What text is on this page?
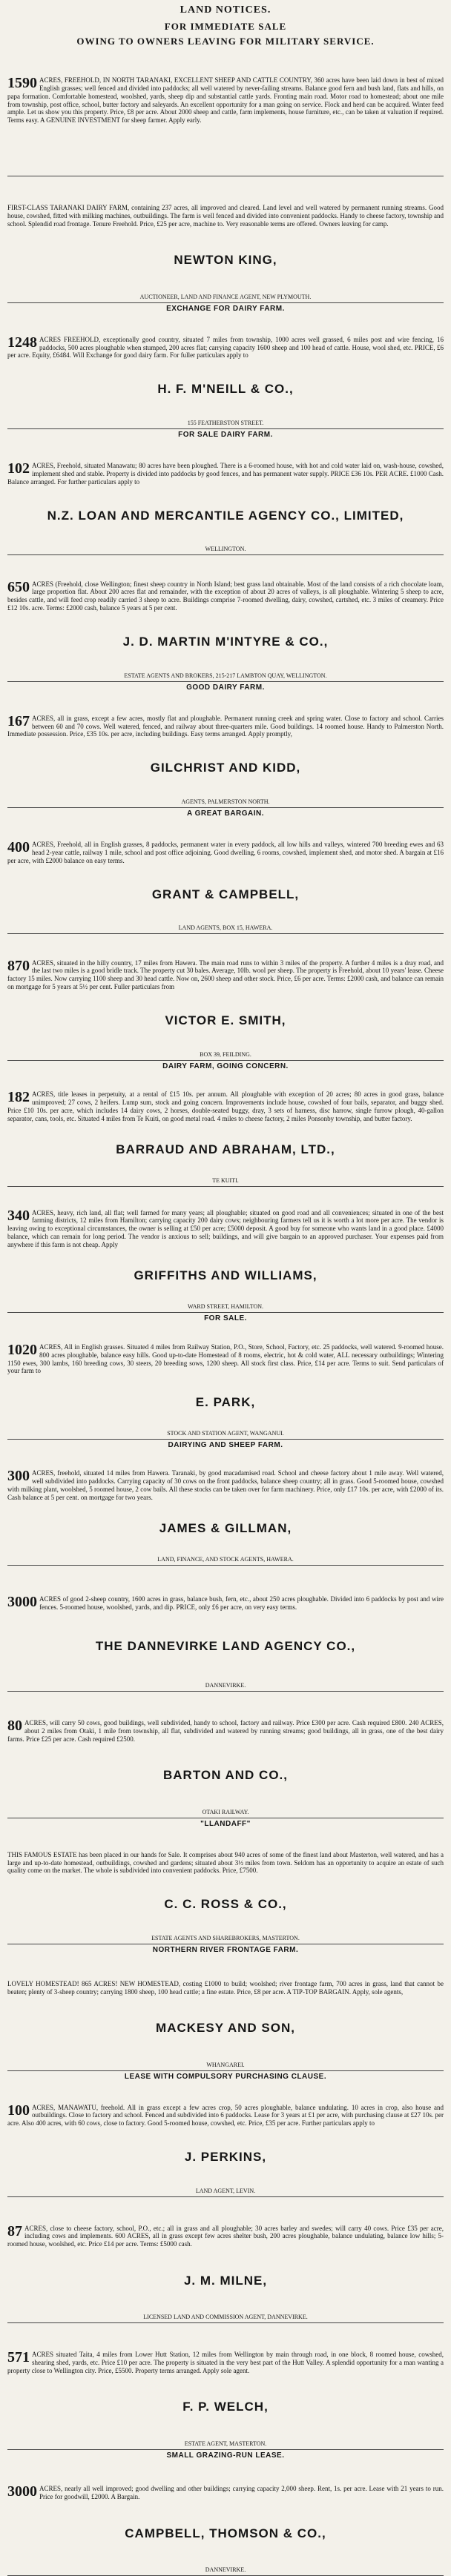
LAND NOTICES.
FOR IMMEDIATE SALE
OWING TO OWNERS LEAVING FOR MILITARY SERVICE.
1590 ACRES, FREEHOLD, IN NORTH TARANAKI, EXCELLENT SHEEP AND CATTLE COUNTRY, 360 acres have been laid down in best of mixed English grasses; well fenced and divided into paddocks; all well watered by never-failing streams. Balance good fern and bush land, flats and hills, on papa formation. Comfortable homestead, woolshed, yards, sheep dip and substantial cattle yards. Fronting main road. Motor road to homestead; about one mile from township, post office, school, butter factory and saleyards. An excellent opportunity for a man going on service. Flock and herd can be acquired. Winter feed ample. Let us show you this property. Price, £8 per acre. About 2000 sheep and cattle, farm implements, house furniture, etc., can be taken at valuation if required. Terms easy. A GENUINE INVESTMENT for sheep farmer. Apply early.
FIRST-CLASS TARANAKI DAIRY FARM, containing 237 acres, all improved and cleared. Land level and well watered by permanent running streams. Good house, cowshed, fitted with milking machines, outbuildings. The farm is well fenced and divided into convenient paddocks. Handy to cheese factory, township and school. Splendid road frontage. Tenure Freehold. Price, £25 per acre, machine to. Very reasonable terms are offered. Owners leaving for camp.
NEWTON KING,
AUCTIONEER, LAND AND FINANCE AGENT, NEW PLYMOUTH.
EXCHANGE FOR DAIRY FARM.
1248 ACRES FREEHOLD, exceptionally good country, situated 7 miles from township, 1000 acres well grassed, 6 miles post and wire fencing, 16 paddocks, 500 acres ploughable when stumped, 200 acres flat; carrying capacity 1600 sheep and 100 head of cattle. House, wool shed, etc. PRICE, £6 per acre. Equity, £6484. Will Exchange for good dairy farm. For fuller particulars apply to
H. F. M'NEILL & CO.,
155 FEATHERSTON STREET.
FOR SALE DAIRY FARM.
102 ACRES, Freehold, situated Manawatu; 80 acres have been ploughed. There is a 6-roomed house, with hot and cold water laid on, wash-house, cowshed, implement shed and stable. Property is divided into paddocks by good fences, and has permanent water supply. PRICE £36 10s. PER ACRE. £1000 Cash. Balance arranged. For further particulars apply to
N.Z. LOAN AND MERCANTILE AGENCY CO., LIMITED,
WELLINGTON.
650 ACRES (Freehold, close Wellington; finest sheep country in North Island; best grass land obtainable. Most of the land consists of a rich chocolate loam, large proportion flat. About 200 acres flat and remainder, with the exception of about 20 acres of valleys, is all ploughable. Wintering 5 sheep to acre, besides cattle, and will feed crop readily carried 3 sheep to acre. Buildings comprise 7-roomed dwelling, dairy, cowshed, cartshed, etc. 3 miles of creamery. Price £12 10s. acre. Terms: £2000 cash, balance 5 years at 5 per cent.
J. D. MARTIN M'INTYRE & CO.,
ESTATE AGENTS AND BROKERS, 215-217 LAMBTON QUAY, WELLINGTON.
GOOD DAIRY FARM.
167 ACRES, all in grass, except a few acres, mostly flat and ploughable. Permanent running creek and spring water. Close to factory and school. Carries between 60 and 70 cows. Well watered, fenced, and railway about three-quarters mile. Good buildings. 14 roomed house. Handy to Palmerston North. Immediate possession. Price, £35 10s. per acre, including buildings. Easy terms arranged. Apply promptly,
GILCHRIST AND KIDD,
AGENTS, PALMERSTON NORTH.
A GREAT BARGAIN.
400 ACRES, Freehold, all in English grasses, 8 paddocks, permanent water in every paddock, all low hills and valleys, wintered 700 breeding ewes and 63 head 2-year cattle, railway 1 mile, school and post office adjoining. Good dwelling, 6 rooms, cowshed, implement shed, and motor shed. A bargain at £16 per acre, with £2000 balance on easy terms.
GRANT & CAMPBELL,
LAND AGENTS, BOX 15, HAWERA.
870 ACRES, situated in the hilly country, 17 miles from Hawera. The main road runs to within 3 miles of the property. A further 4 miles is a dray road, and the last two miles is a good bridle track. The property cut 30 bales. Average, 10lb. wool per sheep. The property is Freehold, about 10 years' lease. Cheese factory 15 miles. Now carrying 1100 sheep and 30 head cattle. Now on, 2600 sheep and other stock. Price, £6 per acre. Terms: £2000 cash, and balance can remain on mortgage for 5 years at 5½ per cent. Fuller particulars from
VICTOR E. SMITH,
BOX 39, FEILDING.
DAIRY FARM, GOING CONCERN.
182 ACRES, title leases in perpetuity, at a rental of £15 10s. per annum. All ploughable with exception of 20 acres; 80 acres in good grass, balance unimproved; 27 cows, 2 heifers. Lump sum, stock and going concern. Improvements include house, cowshed of four bails, separator, and buggy shed. Price £10 10s. per acre, which includes 14 dairy cows, 2 horses, double-seated buggy, dray, 3 sets of harness, disc harrow, single furrow plough, 40-gallon separator, cans, tools, etc. Situated 4 miles from Te Kuiti, on good metal road. 4 miles to cheese factory, 2 miles Ponsonby township, and butter factory.
BARRAUD AND ABRAHAM, LTD.,
TE KUITI.
340 ACRES, heavy, rich land, all flat; well farmed for many years; all ploughable; situated on good road and all conveniences; situated in one of the best farming districts, 12 miles from Hamilton; carrying capacity 200 dairy cows; neighbouring farmers tell us it is worth a lot more per acre. The vendor is leaving owing to exceptional circumstances, the owner is selling at £50 per acre; £5000 deposit. A good buy for someone who wants land in a good place. £4000 balance, which can remain for long period. The vendor is anxious to sell; buildings, and will give bargain to an approved purchaser. Your expenses paid from anywhere if this farm is not cheap. Apply
GRIFFITHS AND WILLIAMS,
WARD STREET, HAMILTON.
FOR SALE.
1020 ACRES, All in English grasses. Situated 4 miles from Railway Station, P.O., Store, School, Factory, etc. 25 paddocks, well watered. 9-roomed house. 800 acres ploughable, balance easy hills. Good up-to-date Homestead of 8 rooms, electric, hot & cold water, ALL necessary outbuildings; Wintering 1150 ewes, 300 lambs, 160 breeding cows, 30 steers, 20 breeding sows, 1200 sheep. All stock first class. Price, £14 per acre. Terms to suit. Send particulars of your farm to
E. PARK,
STOCK AND STATION AGENT, WANGANUI.
DAIRYING AND SHEEP FARM.
300 ACRES, freehold, situated 14 miles from Hawera. Taranaki, by good macadamised road. School and cheese factory about 1 mile away. Well watered, well subdivided into paddocks. Carrying capacity of 30 cows on the front paddocks, balance sheep country; all in grass. Good 5-roomed house, cowshed with milking plant, woolshed, 5 roomed house, 2 cow bails. All these stocks can be taken over for farm machinery. Price, only £17 10s. per acre, with £2000 of its. Cash balance at 5 per cent. on mortgage for two years.
JAMES & GILLMAN,
LAND, FINANCE, AND STOCK AGENTS, HAWERA.
3000 ACRES of good 2-sheep country, 1600 acres in grass, balance bush, fern, etc., about 250 acres ploughable. Divided into 6 paddocks by post and wire fences. 5-roomed house, woolshed, yards, and dip. PRICE, only £6 per acre, on very easy terms.
THE DANNEVIRKE LAND AGENCY CO.,
DANNEVIRKE.
80 ACRES, will carry 50 cows, good buildings, well subdivided, handy to school, factory and railway. Price £300 per acre. Cash required £800. 240 ACRES, about 2 miles from Otaki, 1 mile from township, all flat, subdivided and watered by running streams; good buildings, all in grass, one of the best dairy farms. Price £25 per acre. Cash required £2500.
BARTON AND CO.,
OTAKI RAILWAY.
"LLANDAFF"
THIS FAMOUS ESTATE has been placed in our hands for Sale. It comprises about 940 acres of some of the finest land about Masterton, well watered, and has a large and up-to-date homestead, outbuildings, cowshed and gardens; situated about 3½ miles from town. Seldom has an opportunity to acquire an estate of such quality come on the market. The whole is subdivided into convenient paddocks. Price, £7500.
C. C. ROSS & CO.,
ESTATE AGENTS AND SHAREBROKERS, MASTERTON.
NORTHERN RIVER FRONTAGE FARM.
LOVELY HOMESTEAD! 865 ACRES! NEW HOMESTEAD, costing £1000 to build; woolshed; river frontage farm, 700 acres in grass, land that cannot be beaten; plenty of 3-sheep country; carrying 1800 sheep, 100 head cattle; a fine estate. Price, £8 per acre. A TIP-TOP BARGAIN. Apply, sole agents,
MACKESY AND SON,
WHANGAREI.
LEASE WITH COMPULSORY PURCHASING CLAUSE.
100 ACRES, MANAWATU, freehold. All in grass except a few acres crop, 50 acres ploughable, balance undulating. 10 acres in crop, also house and outbuildings. Close to factory and school. Fenced and subdivided into 6 paddocks. Lease for 3 years at £1 per acre, with purchasing clause at £27 10s. per acre. Also 400 acres, with 60 cows, close to factory. Good 5-roomed house, cowshed, etc. Price, £35 per acre. Further particulars apply to
J. PERKINS,
LAND AGENT, LEVIN.
87 ACRES, close to cheese factory, school, P.O., etc.; all in grass and all ploughable; 30 acres barley and swedes; will carry 40 cows. Price £35 per acre, including cows and implements. 600 ACRES, all in grass except few acres shelter bush, 200 acres ploughable, balance undulating, balance low hills; 5-roomed house, woolshed, etc. Price £14 per acre. Terms: £5000 cash.
J. M. MILNE,
LICENSED LAND AND COMMISSION AGENT, DANNEVIRKE.
571 ACRES situated Taita, 4 miles from Lower Hutt Station, 12 miles from Wellington by main through road, in one block, 8 roomed house, cowshed, shearing shed, yards, etc. Price £10 per acre. The property is situated in the very best part of the Hutt Valley. A splendid opportunity for a man wanting a property close to Wellington city. Price, £5500. Property terms arranged. Apply sole agent.
F. P. WELCH,
ESTATE AGENT, MASTERTON.
SMALL GRAZING-RUN LEASE.
3000 ACRES, nearly all well improved; good dwelling and other buildings; carrying capacity 2,000 sheep. Rent, 1s. per acre. Lease with 21 years to run. Price for goodwill, £2000. A Bargain.
CAMPBELL, THOMSON & CO.,
DANNEVIRKE.
